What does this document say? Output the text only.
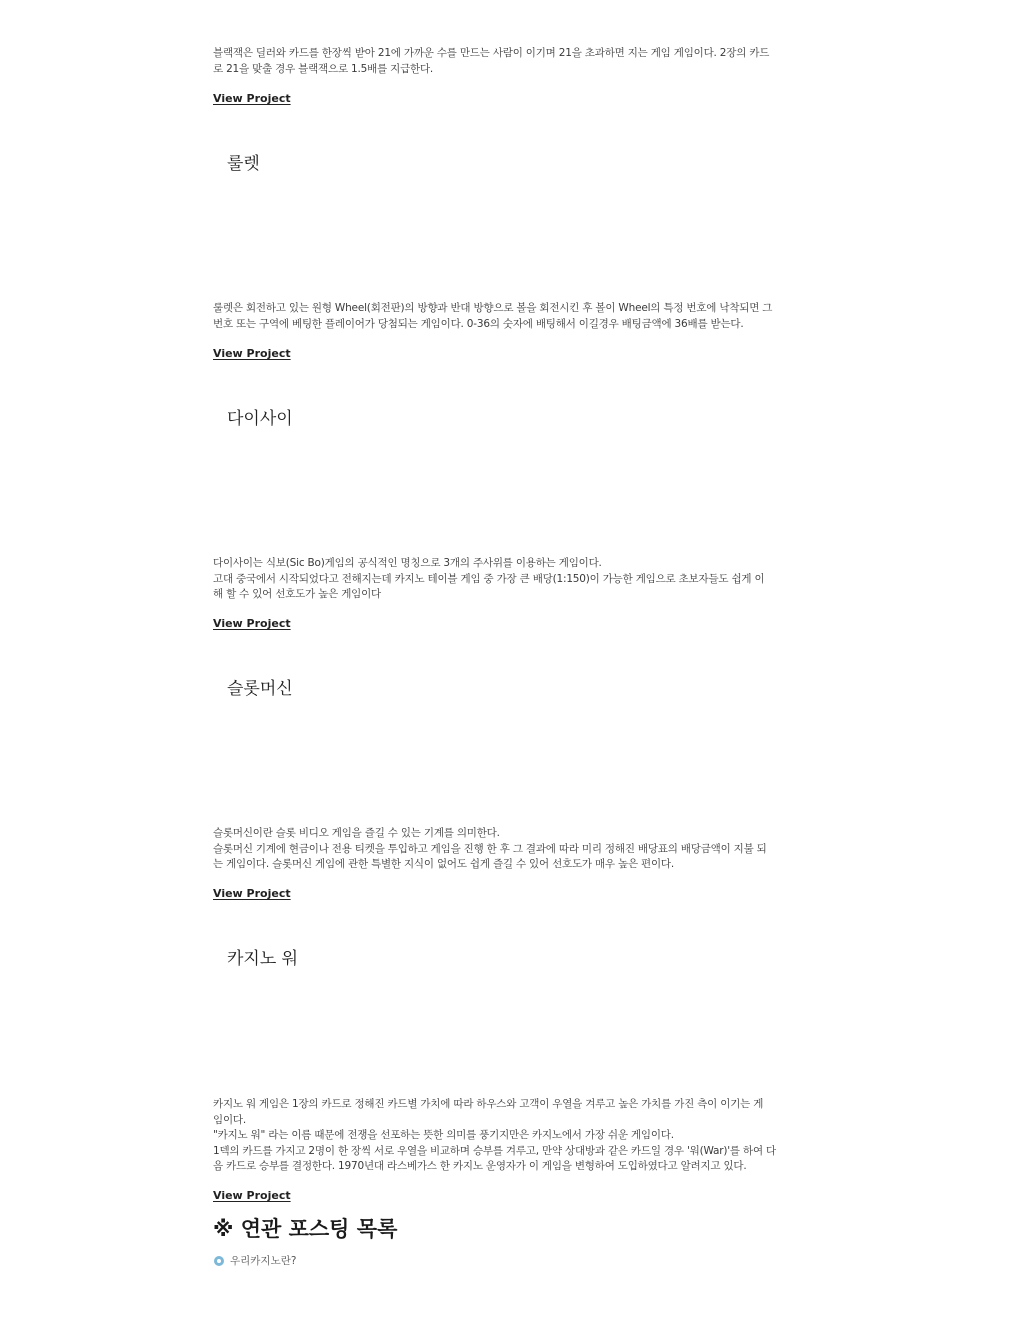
블랙잭은 딜러와 카드를 한장씩 받아 21에 가까운 수를 만드는 사람이 이기며 21을 초과하면 지는 게임 게임이다. 2장의 카드
로 21을 맞출 경우 블랙잭으로 1.5배를 지급한다.

View Project
룰렛

룰렛은 회전하고 있는 원형 Wheel(회전판)의 방향과 반대 방향으로 볼을 회전시킨 후 볼이 Wheel의 특정 번호에 낙착되면 그
번호 또는 구역에 베팅한 플레이어가 당첨되는 게임이다. 0-36의 숫자에 배팅해서 이길경우 배팅금액에 36배를 받는다.

View Project
다이사이

다이사이는 식보(Sic Bo)게임의 공식적인 명칭으로 3개의 주사위를 이용하는 게임이다.
고대 중국에서 시작되었다고 전해지는데 카지노 테이블 게임 중 가장 큰 배당(1:150)이 가능한 게임으로 초보자들도 쉽게 이
해 할 수 있어 선호도가 높은 게임이다

View Project
슬롯머신

슬롯머신이란 슬롯 비디오 게임을 즐길 수 있는 기계를 의미한다.
슬롯머신 기계에 현금이나 전용 티켓을 투입하고 게임을 진행 한 후 그 결과에 따라 미리 정해진 배당표의 배당금액이 지불 되
는 게임이다. 슬롯머신 게임에 관한 특별한 지식이 없어도 쉽게 즐길 수 있어 선호도가 매우 높은 편이다.

View Project
카지노 워

카지노 워 게임은 1장의 카드로 정해진 카드별 가치에 따라 하우스와 고객이 우열을 겨루고 높은 가치를 가진 측이 이기는 게
임이다.
"카지노 워" 라는 이름 때문에 전쟁을 선포하는 뜻한 의미를 풍기지만은 카지노에서 가장 쉬운 게임이다.
1덱의 카드를 가지고 2명이 한 장씩 서로 우열을 비교하며 승부를 겨루고, 만약 상대방과 같은 카드일 경우 '워(War)'를 하여 다
음 카드로 승부를 결정한다. 1970년대 라스베가스 한 카지노 운영자가 이 게임을 변형하여 도입하였다고 알려지고 있다.

View Project
※ 연관 포스팅 목록
우리카지노란?
